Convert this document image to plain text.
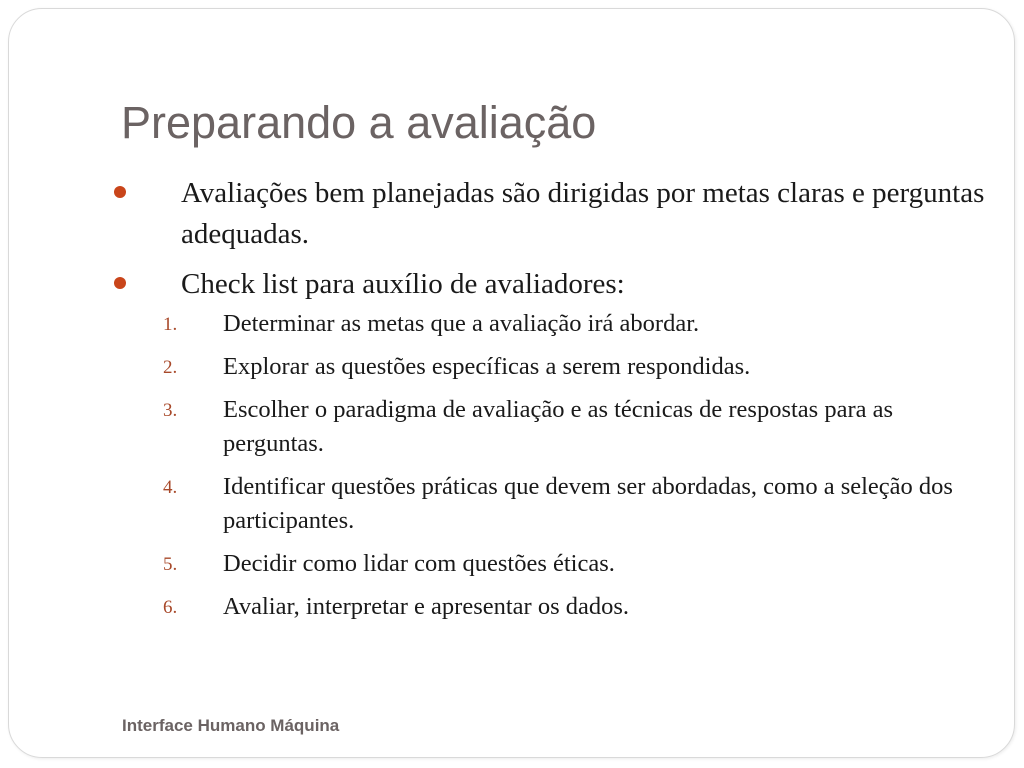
Preparando a avaliação
Avaliações bem planejadas são dirigidas por metas claras e perguntas adequadas.
Check list para auxílio de avaliadores:
1. Determinar as metas que a avaliação irá abordar.
2. Explorar as questões específicas a serem respondidas.
3. Escolher o paradigma de avaliação e as técnicas de respostas para as perguntas.
4. Identificar questões práticas que devem ser abordadas, como a seleção dos participantes.
5. Decidir como lidar com questões éticas.
6. Avaliar, interpretar e apresentar os dados.
Interface Humano Máquina
